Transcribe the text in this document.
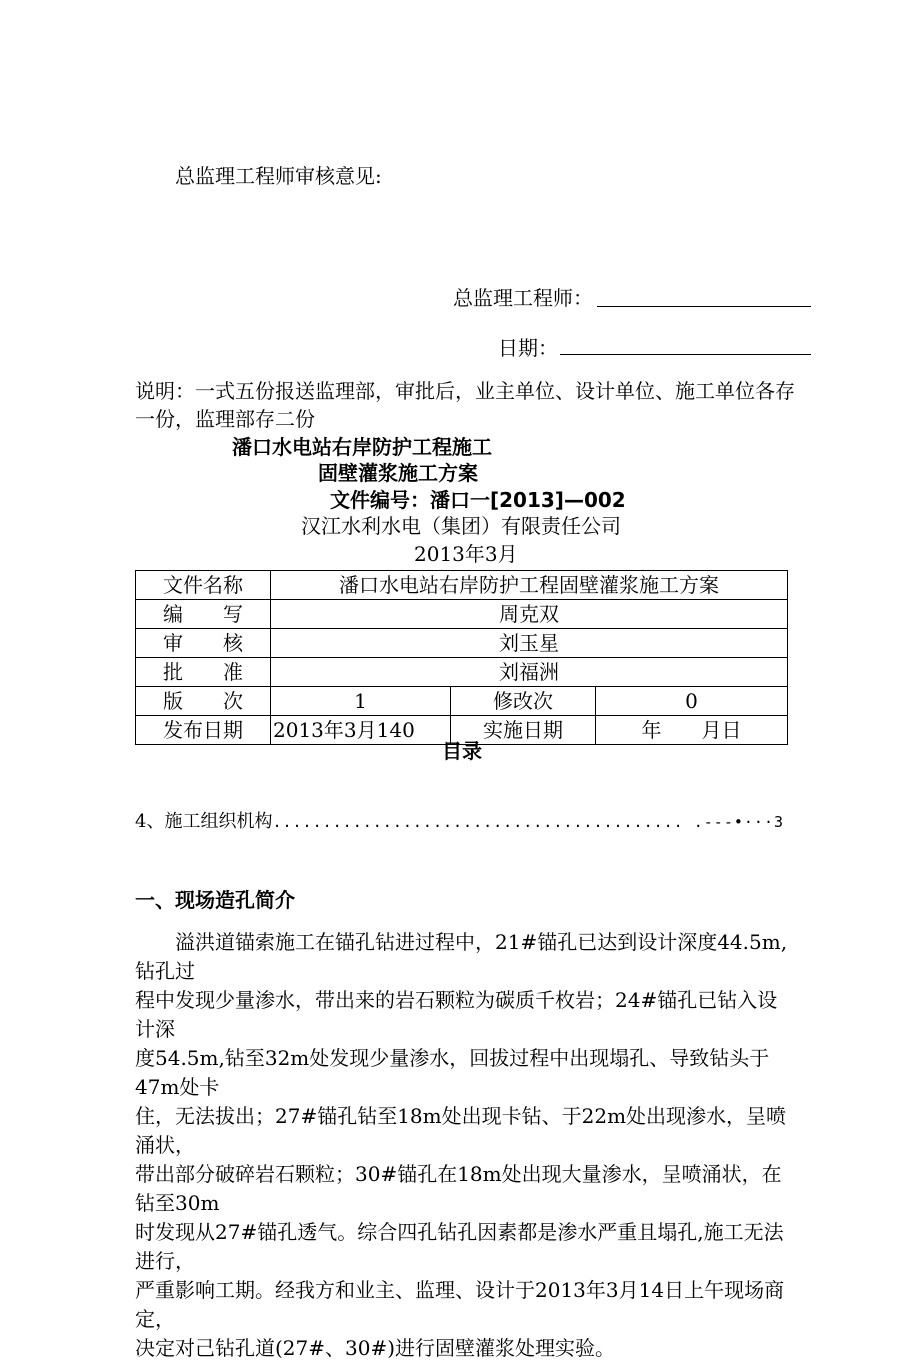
总监理工程师审核意见:
总监理工程师：
日期：
说明：一式五份报送监理部，审批后，业主单位、设计单位、施工单位各存
一份，监理部存二份
潘口水电站右岸防护工程施工
固壁灌浆施工方案
文件编号：潘口一[2013]—002
汉江水利水电（集团）有限责任公司
2013年3月
文件名称	潘口水电站右岸防护工程固壁灌浆施工方案		
编　　写	周克双		
审　　核	刘玉星		
批　　准	刘福洲		
版　　次	1	修改次	0
发布日期	2013年3月140	实施日期	年　　月日
目录
4、施工组织机构......................................... .---•···3
一、现场造孔简介

　　溢洪道锚索施工在锚孔钻进过程中，21#锚孔已达到设计深度44.5m,钻孔过

程中发现少量渗水，带出来的岩石颗粒为碳质千枚岩；24#锚孔已钻入设计深

度54.5m,钻至32m处发现少量渗水，回拔过程中出现塌孔、导致钻头于47m处卡

住，无法拔出；27#锚孔钻至18m处出现卡钻、于22m处出现渗水，呈喷涌状，

带出部分破碎岩石颗粒；30#锚孔在18m处出现大量渗水，呈喷涌状，在钻至30m

时发现从27#锚孔透气。综合四孔钻孔因素都是渗水严重且塌孔,施工无法进行，

严重影响工期。经我方和业主、监理、设计于2013年3月14日上午现场商定，

决定对己钻孔道(27#、30#)进行固壁灌浆处理实验。
